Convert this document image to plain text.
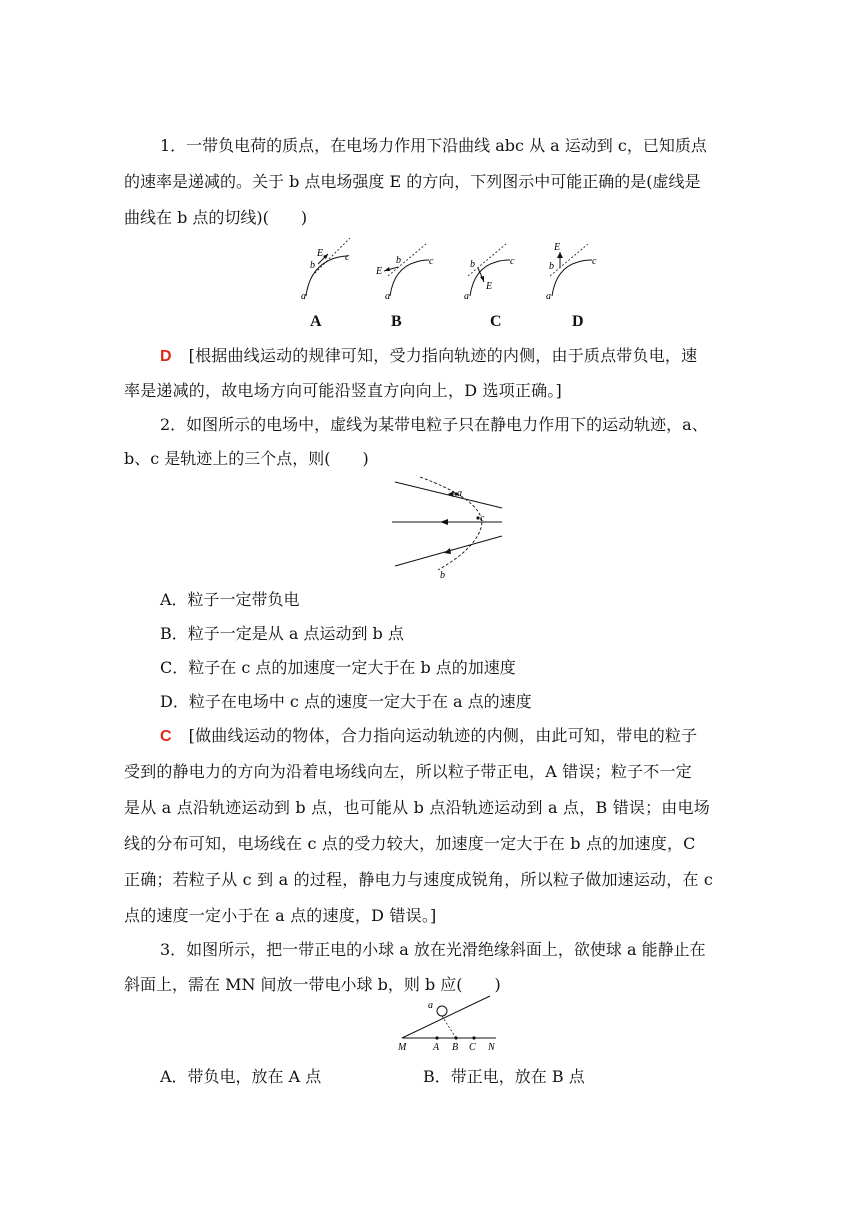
1．一带负电荷的质点，在电场力作用下沿曲线 abc 从 a 运动到 c，已知质点
的速率是递减的。关于 b 点电场强度 E 的方向，下列图示中可能正确的是(虚线是
曲线在 b 点的切线)(　　)
E
b
c
a
E
b	c
a
E
b	c
a
E
b	c
a
A	B	C	D
D [根据曲线运动的规律可知，受力指向轨迹的内侧，由于质点带负电，速
率是递减的，故电场方向可能沿竖直方向向上，D 选项正确。]
2．如图所示的电场中，虚线为某带电粒子只在静电力作用下的运动轨迹，a、
b、c 是轨迹上的三个点，则(　　)
a
c
b
A．粒子一定带负电
B．粒子一定是从 a 点运动到 b 点
C．粒子在 c 点的加速度一定大于在 b 点的加速度
D．粒子在电场中 c 点的速度一定大于在 a 点的速度
C [做曲线运动的物体，合力指向运动轨迹的内侧，由此可知，带电的粒子
受到的静电力的方向为沿着电场线向左，所以粒子带正电，A 错误；粒子不一定
是从 a 点沿轨迹运动到 b 点，也可能从 b 点沿轨迹运动到 a 点，B 错误；由电场
线的分布可知，电场线在 c 点的受力较大，加速度一定大于在 b 点的加速度，C
正确；若粒子从 c 到 a 的过程，静电力与速度成锐角，所以粒子做加速运动，在 c
点的速度一定小于在 a 点的速度，D 错误。]
3．如图所示，把一带正电的小球 a 放在光滑绝缘斜面上，欲使球 a 能静止在
斜面上，需在 MN 间放一带电小球 b，则 b 应(　　)
a
M	A B C N
A．带负电，放在 A 点	B．带正电，放在 B 点
